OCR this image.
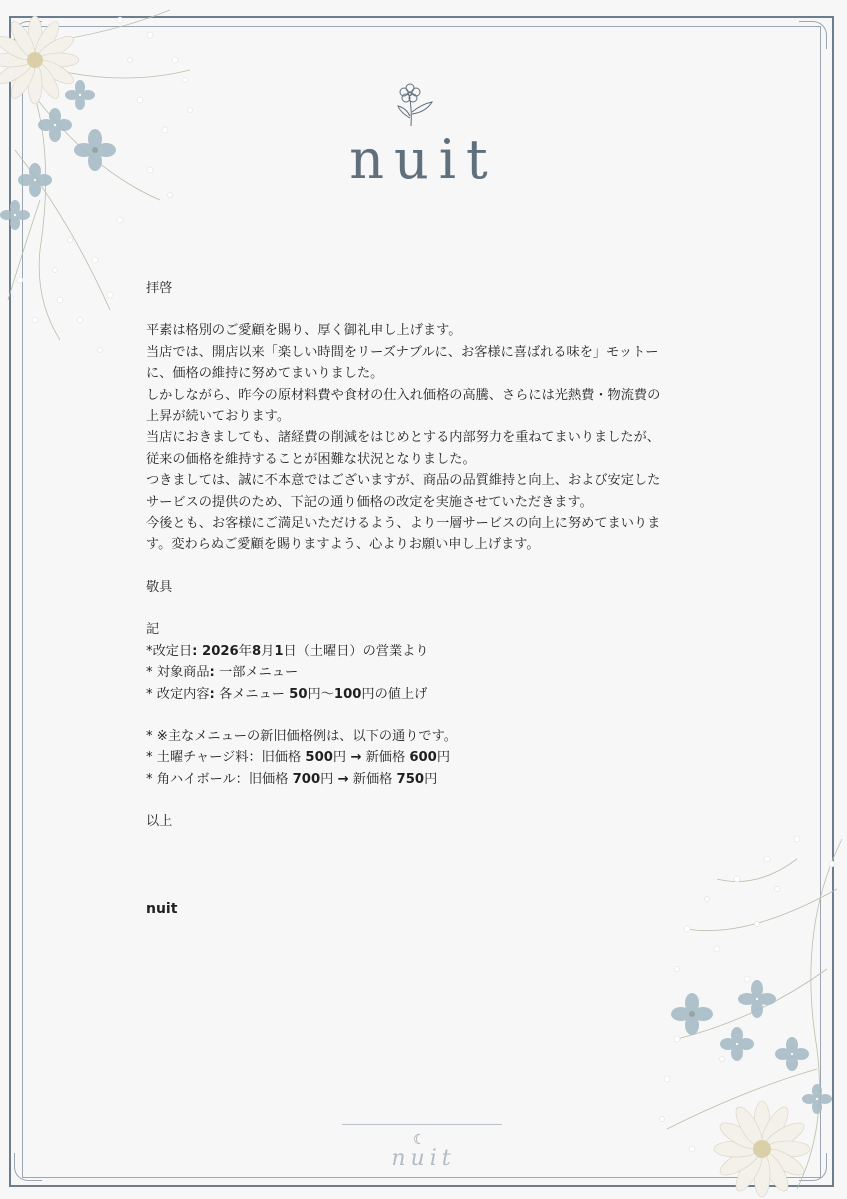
nuit

拝啓

平素は格別のご愛顧を賜り、厚く御礼申し上げます。

当店では、開店以来「楽しい時間をリーズナブルに、お客様に喜ばれる味を」モットー

に、価格の維持に努めてまいりました。

しかしながら、昨今の原材料費や食材の仕入れ価格の高騰、さらには光熱費・物流費の

上昇が続いております。

当店におきましても、諸経費の削減をはじめとする内部努力を重ねてまいりましたが、

従来の価格を維持することが困難な状況となりました。

つきましては、誠に不本意ではございますが、商品の品質維持と向上、および安定した

サービスの提供のため、下記の通り価格の改定を実施させていただきます。

今後とも、お客様にご満足いただけるよう、より一層サービスの向上に努めてまいりま

す。変わらぬご愛顧を賜りますよう、心よりお願い申し上げます。

敬具

記

*改定日: 2026年8月1日（土曜日）の営業より

* 対象商品: 一部メニュー

* 改定内容: 各メニュー 50円〜100円の値上げ

* ※主なメニューの新旧価格例は、以下の通りです。

* 土曜チャージ料：旧価格 500円 → 新価格 600円

* 角ハイボール：旧価格 700円 → 新価格 750円

以上

nuit
☾
nuit
